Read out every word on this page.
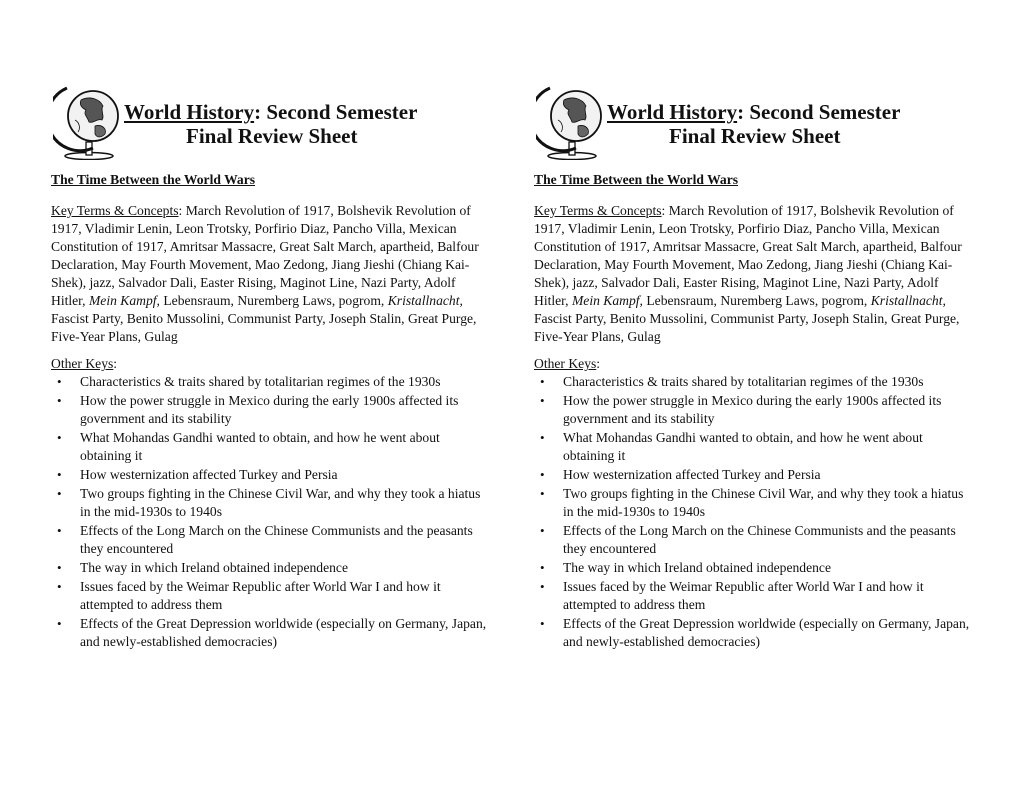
World History: Second Semester
Final Review Sheet
The Time Between the World Wars
Key Terms & Concepts: March Revolution of 1917, Bolshevik Revolution of 1917, Vladimir Lenin, Leon Trotsky, Porfirio Diaz, Pancho Villa, Mexican Constitution of 1917, Amritsar Massacre, Great Salt March, apartheid, Balfour Declaration, May Fourth Movement, Mao Zedong, Jiang Jieshi (Chiang Kai-Shek), jazz, Salvador Dali, Easter Rising, Maginot Line, Nazi Party, Adolf Hitler, Mein Kampf, Lebensraum, Nuremberg Laws, pogrom, Kristallnacht, Fascist Party, Benito Mussolini, Communist Party, Joseph Stalin, Great Purge, Five-Year Plans, Gulag
Other Keys:
• Characteristics & traits shared by totalitarian regimes of the 1930s
• How the power struggle in Mexico during the early 1900s affected its government and its stability
• What Mohandas Gandhi wanted to obtain, and how he went about obtaining it
• How westernization affected Turkey and Persia
• Two groups fighting in the Chinese Civil War, and why they took a hiatus in the mid-1930s to 1940s
• Effects of the Long March on the Chinese Communists and the peasants they encountered
• The way in which Ireland obtained independence
• Issues faced by the Weimar Republic after World War I and how it attempted to address them
• Effects of the Great Depression worldwide (especially on Germany, Japan, and newly-established democracies)
World History: Second Semester
Final Review Sheet
The Time Between the World Wars
Key Terms & Concepts: March Revolution of 1917, Bolshevik Revolution of 1917, Vladimir Lenin, Leon Trotsky, Porfirio Diaz, Pancho Villa, Mexican Constitution of 1917, Amritsar Massacre, Great Salt March, apartheid, Balfour Declaration, May Fourth Movement, Mao Zedong, Jiang Jieshi (Chiang Kai-Shek), jazz, Salvador Dali, Easter Rising, Maginot Line, Nazi Party, Adolf Hitler, Mein Kampf, Lebensraum, Nuremberg Laws, pogrom, Kristallnacht, Fascist Party, Benito Mussolini, Communist Party, Joseph Stalin, Great Purge, Five-Year Plans, Gulag
Other Keys:
• Characteristics & traits shared by totalitarian regimes of the 1930s
• How the power struggle in Mexico during the early 1900s affected its government and its stability
• What Mohandas Gandhi wanted to obtain, and how he went about obtaining it
• How westernization affected Turkey and Persia
• Two groups fighting in the Chinese Civil War, and why they took a hiatus in the mid-1930s to 1940s
• Effects of the Long March on the Chinese Communists and the peasants they encountered
• The way in which Ireland obtained independence
• Issues faced by the Weimar Republic after World War I and how it attempted to address them
• Effects of the Great Depression worldwide (especially on Germany, Japan, and newly-established democracies)
